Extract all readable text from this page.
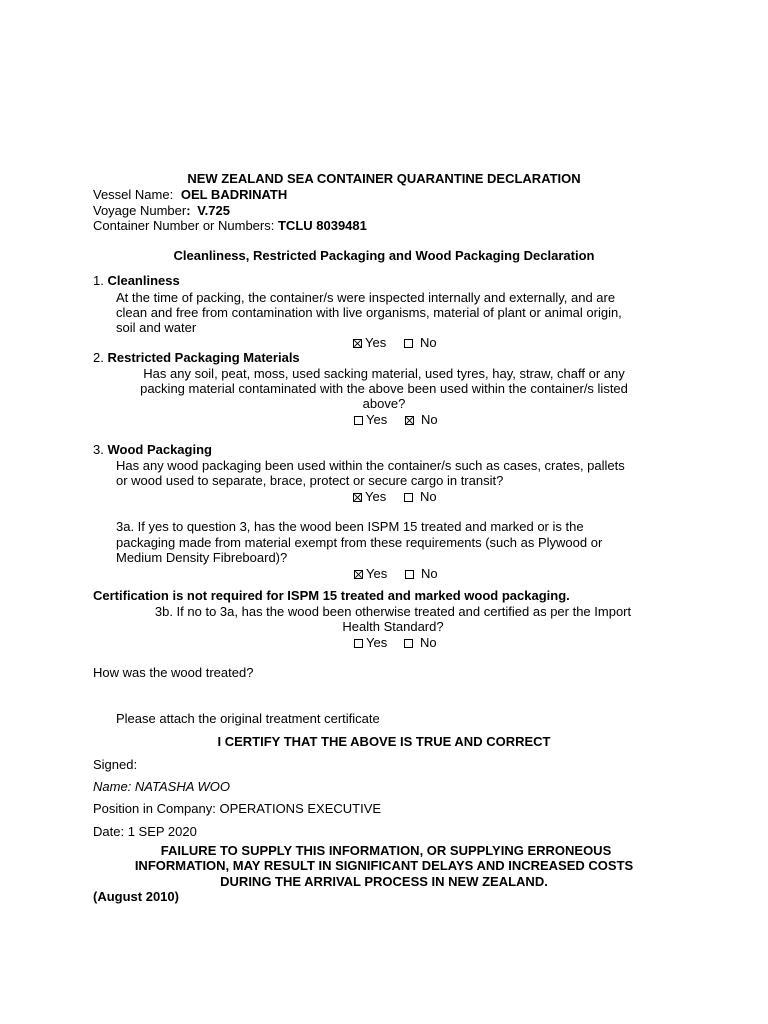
NEW ZEALAND SEA CONTAINER QUARANTINE DECLARATION
Vessel Name: OEL BADRINATH
Voyage Number: V.725
Container Number or Numbers: TCLU 8039481
Cleanliness, Restricted Packaging and Wood Packaging Declaration
1. Cleanliness
At the time of packing, the container/s were inspected internally and externally, and are
clean and free from contamination with live organisms, material of plant or animal origin,
soil and water
Yes	No
2. Restricted Packaging Materials
Has any soil, peat, moss, used sacking material, used tyres, hay, straw, chaff or any
packing material contaminated with the above been used within the container/s listed
above?
Yes	No
3. Wood Packaging
Has any wood packaging been used within the container/s such as cases, crates, pallets
or wood used to separate, brace, protect or secure cargo in transit?
Yes	No
3a. If yes to question 3, has the wood been ISPM 15 treated and marked or is the
packaging made from material exempt from these requirements (such as Plywood or
Medium Density Fibreboard)?
Yes	No
Certification is not required for ISPM 15 treated and marked wood packaging.
3b. If no to 3a, has the wood been otherwise treated and certified as per the Import
Health Standard?
Yes	No
How was the wood treated?
Please attach the original treatment certificate
I CERTIFY THAT THE ABOVE IS TRUE AND CORRECT
Signed:
Name: NATASHA WOO
Position in Company: OPERATIONS EXECUTIVE
Date: 1 SEP 2020
FAILURE TO SUPPLY THIS INFORMATION, OR SUPPLYING ERRONEOUS
INFORMATION, MAY RESULT IN SIGNIFICANT DELAYS AND INCREASED COSTS
DURING THE ARRIVAL PROCESS IN NEW ZEALAND.
(August 2010)
